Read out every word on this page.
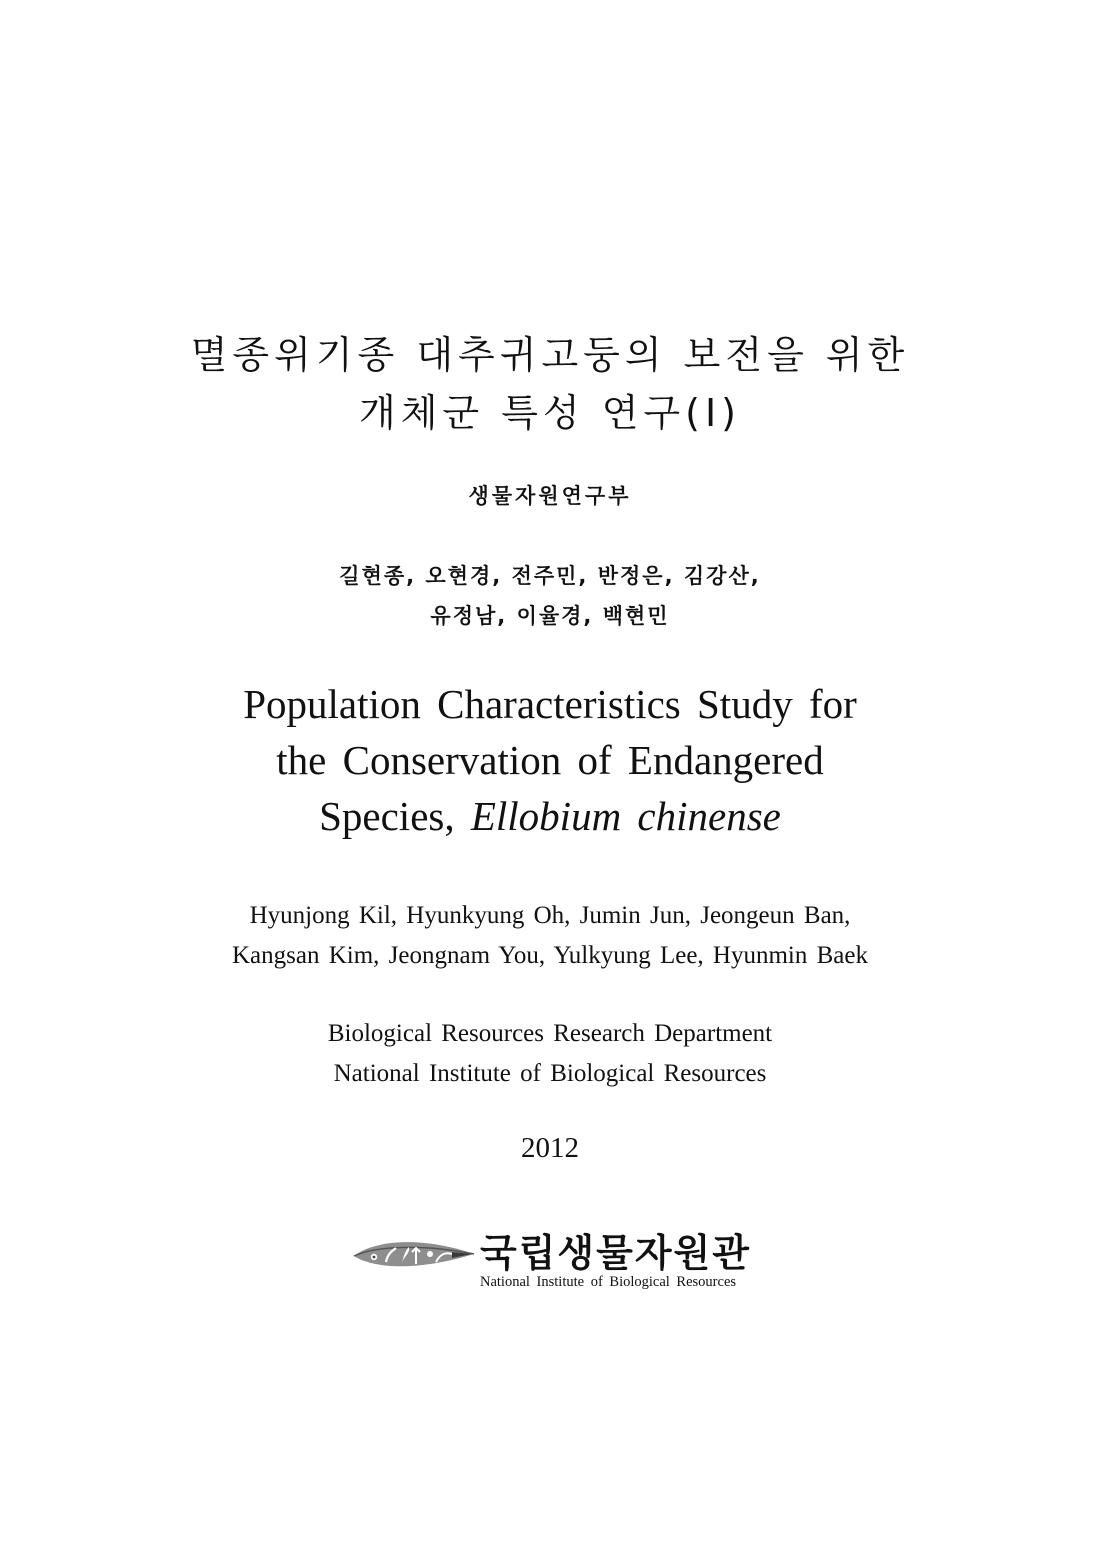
멸종위기종 대추귀고둥의 보전을 위한
개체군 특성 연구(Ⅰ)
생물자원연구부
길현종, 오현경, 전주민, 반정은, 김강산,
유정남, 이율경, 백현민
Population Characteristics Study for
the Conservation of Endangered
Species, Ellobium chinense
Hyunjong Kil, Hyunkyung Oh, Jumin Jun, Jeongeun Ban,
Kangsan Kim, Jeongnam You, Yulkyung Lee, Hyunmin Baek
Biological Resources Research Department
National Institute of Biological Resources
2012
국립생물자원관
National Institute of Biological Resources
